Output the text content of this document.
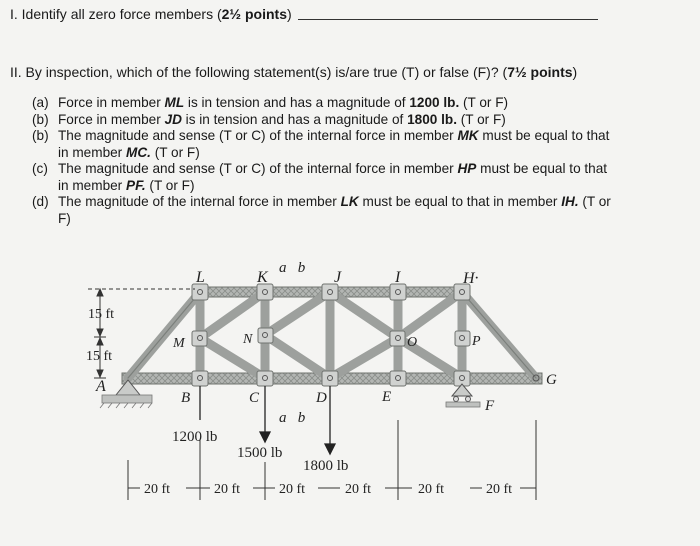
I. Identify all zero force members (2½ points)
II. By inspection, which of the following statement(s) is/are true (T) or false (F)? (7½ points)
(a) Force in member ML is in tension and has a magnitude of 1200 lb. (T or F)
(b) Force in member JD is in tension and has a magnitude of 1800 lb. (T or F)
(b) The magnitude and sense (T or C) of the internal force in member MK must be equal to that in member MC. (T or F)
(c) The magnitude and sense (T or C) of the internal force in member HP must be equal to that in member PF. (T or F)
(d) The magnitude of the internal force in member LK must be equal to that in member IH. (T or F)
15 ft
15 ft
L	K	J	I	H·
M	N	O	P
A
B	C	D	E
F
G
a   b
a   b
1200 lb
1500 lb
1800 lb
20 ft	20 ft	20 ft	20 ft	20 ft	20 ft
